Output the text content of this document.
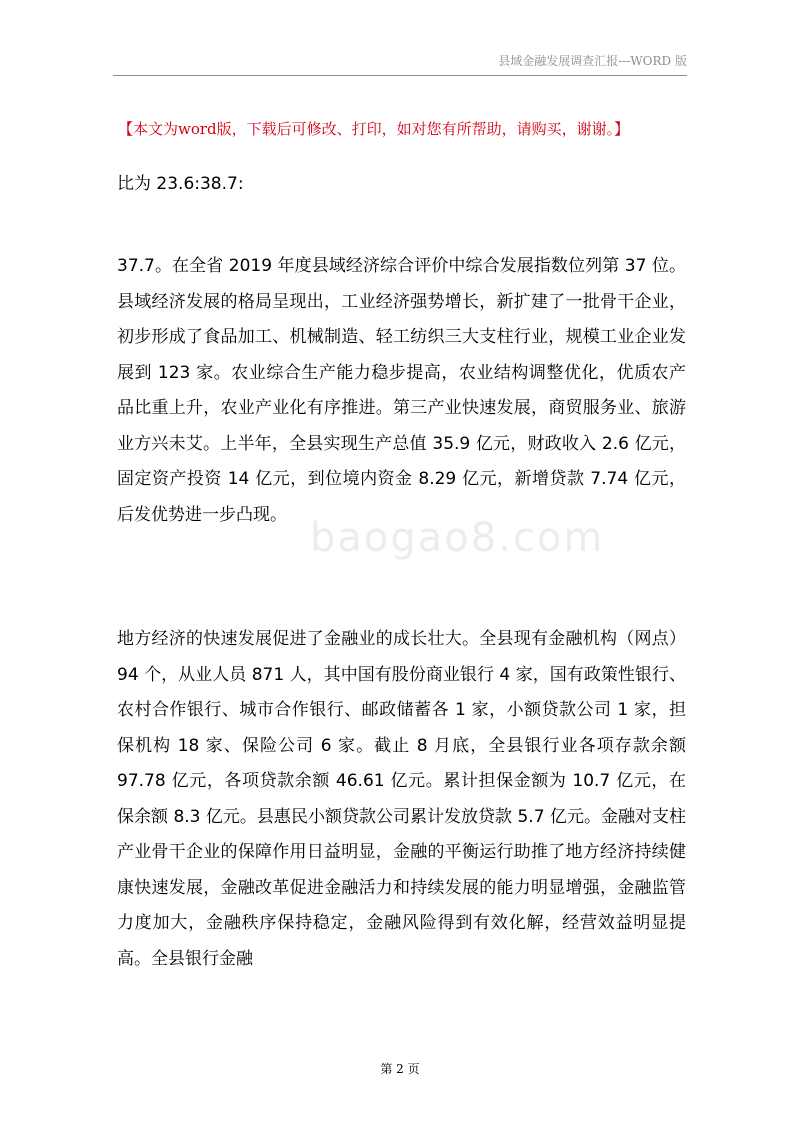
县域金融发展调查汇报---WORD 版
【本文为word版，下载后可修改、打印，如对您有所帮助，请购买，谢谢。】
比为 23.6:38.7:
37.7。在全省 2019 年度县域经济综合评价中综合发展指数位列第 37 位。县域经济发展的格局呈现出，工业经济强势增长，新扩建了一批骨干企业，初步形成了食品加工、机械制造、轻工纺织三大支柱行业，规模工业企业发展到 123 家。农业综合生产能力稳步提高，农业结构调整优化，优质农产品比重上升，农业产业化有序推进。第三产业快速发展，商贸服务业、旅游业方兴未艾。上半年，全县实现生产总值 35.9 亿元，财政收入 2.6 亿元，固定资产投资 14 亿元，到位境内资金 8.29 亿元，新增贷款 7.74 亿元，后发优势进一步凸现。
baogao8.com
地方经济的快速发展促进了金融业的成长壮大。全县现有金融机构（网点）94 个，从业人员 871 人，其中国有股份商业银行 4 家，国有政策性银行、农村合作银行、城市合作银行、邮政储蓄各 1 家，小额贷款公司 1 家，担保机构 18 家、保险公司 6 家。截止 8 月底，全县银行业各项存款余额 97.78 亿元，各项贷款余额 46.61 亿元。累计担保金额为 10.7 亿元，在保余额 8.3 亿元。县惠民小额贷款公司累计发放贷款 5.7 亿元。金融对支柱产业骨干企业的保障作用日益明显，金融的平衡运行助推了地方经济持续健康快速发展，金融改革促进金融活力和持续发展的能力明显增强，金融监管力度加大，金融秩序保持稳定，金融风险得到有效化解，经营效益明显提高。全县银行金融
第 2 页
